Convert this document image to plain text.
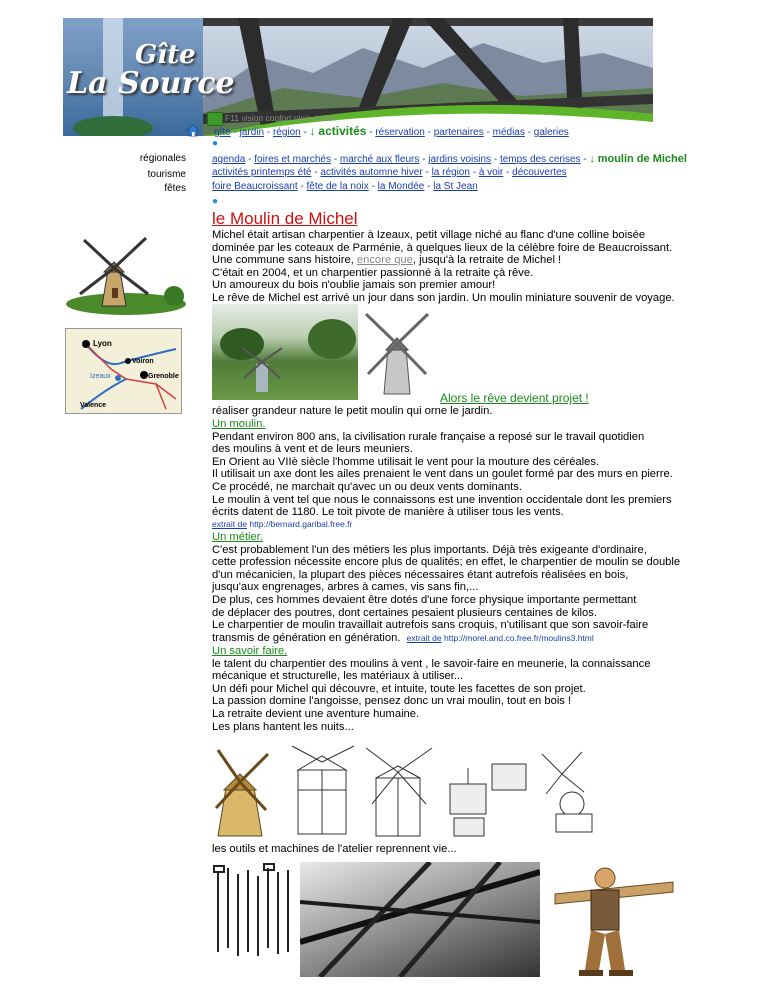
Gîte
La Source
F11 vision confort plein écran
gîte - jardin - région - ↓ activités - réservation - partenaires - médias - galeries
●
régionales
tourisme
fêtes
agenda - foires et marchés - marché aux fleurs - jardins voisins - temps des cerises - ↓ moulin de Michel
activités printemps été - activités automne hiver - la région - à voir - découvertes
foire Beaucroissant - fête de la noix - la Mondée - la St Jean
●
le Moulin de Michel
Michel était artisan charpentier à Izeaux, petit village niché au flanc d'une colline boisée
dominée par les coteaux de Parménie, à quelques lieux de la célèbre foire de Beaucroissant.
Une commune sans histoire, encore que, jusqu'à la retraite de Michel !
C'était en 2004, et un charpentier passionné à la retraite çà rêve.
Un amoureux du bois n'oublie jamais son premier amour!
Le rêve de Michel est arrivé un jour dans son jardin. Un moulin miniature souvenir de voyage.
Lyon
Voiron
Izeaux	Grenoble
Valence
Alors le rêve devient projet !
réaliser grandeur nature le petit moulin qui orne le jardin.
Un moulin.
Pendant environ 800 ans, la civilisation rurale française a reposé sur le travail quotidien
des moulins à vent et de leurs meuniers.
En Orient au VIIè siècle l'homme utilisait le vent pour la mouture des céréales.
Il utilisait un axe dont les ailes prenaient le vent dans un goulet formé par des murs en pierre.
Ce procédé, ne marchait qu'avec un ou deux vents dominants.
Le moulin à vent tel que nous le connaissons est une invention occidentale dont les premiers
écrits datent de 1180. Le toit pivote de manière à utiliser tous les vents.
extrait de http://bernard.garibal.free.fr
Un métier.
C'est probablement l'un des métiers les plus importants. Déjà très exigeante d'ordinaire,
cette profession nécessite encore plus de qualités; en effet, le charpentier de moulin se double
d'un mécanicien, la plupart des pièces nécessaires étant autrefois réalisées en bois,
jusqu'aux engrenages, arbres à cames, vis sans fin,...
De plus, ces hommes devaient être dotés d'une force physique importante permettant
de déplacer des poutres, dont certaines pesaient plusieurs centaines de kilos.
Le charpentier de moulin travaillait autrefois sans croquis, n'utilisant que son savoir-faire
transmis de génération en génération. extrait de http://morel.and.co.free.fr/moulins3.html
Un savoir faire.
le talent du charpentier des moulins à vent , le savoir-faire en meunerie, la connaissance
mécanique et structurelle, les matériaux à utiliser...
Un défi pour Michel qui découvre, et intuite, toute les facettes de son projet.
La passion domine l'angoisse, pensez donc un vrai moulin, tout en bois !
La retraite devient une aventure humaine.
Les plans hantent les nuits...
les outils et machines de l'atelier reprennent vie...
